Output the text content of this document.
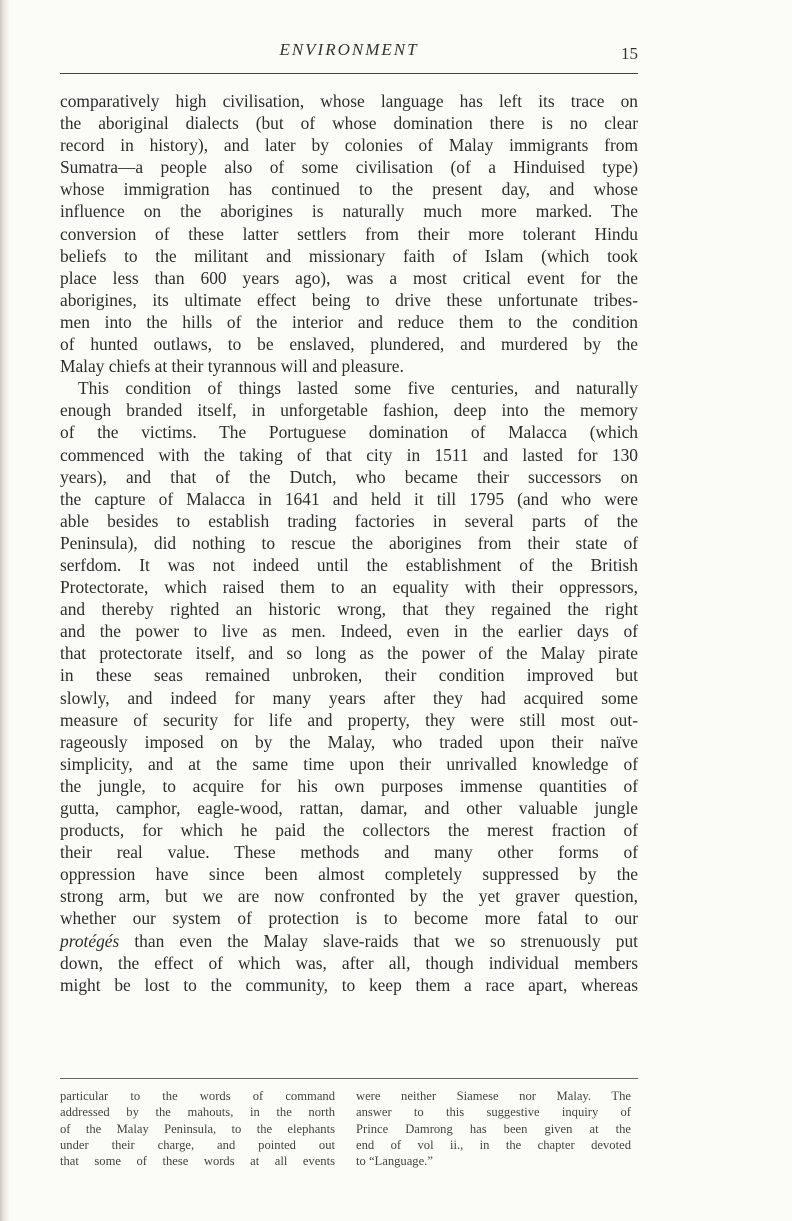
ENVIRONMENT	15
comparatively high civilisation, whose language has left its trace on
the aboriginal dialects (but of whose domination there is no clear
record in history), and later by colonies of Malay immigrants from
Sumatra—a people also of some civilisation (of a Hinduised type)
whose immigration has continued to the present day, and whose
influence on the aborigines is naturally much more marked. The
conversion of these latter settlers from their more tolerant Hindu
beliefs to the militant and missionary faith of Islam (which took
place less than 600 years ago), was a most critical event for the
aborigines, its ultimate effect being to drive these unfortunate tribes-
men into the hills of the interior and reduce them to the condition
of hunted outlaws, to be enslaved, plundered, and murdered by the
Malay chiefs at their tyrannous will and pleasure.
This condition of things lasted some five centuries, and naturally
enough branded itself, in unforgetable fashion, deep into the memory
of the victims. The Portuguese domination of Malacca (which
commenced with the taking of that city in 1511 and lasted for 130
years), and that of the Dutch, who became their successors on
the capture of Malacca in 1641 and held it till 1795 (and who were
able besides to establish trading factories in several parts of the
Peninsula), did nothing to rescue the aborigines from their state of
serfdom. It was not indeed until the establishment of the British
Protectorate, which raised them to an equality with their oppressors,
and thereby righted an historic wrong, that they regained the right
and the power to live as men. Indeed, even in the earlier days of
that protectorate itself, and so long as the power of the Malay pirate
in these seas remained unbroken, their condition improved but
slowly, and indeed for many years after they had acquired some
measure of security for life and property, they were still most out-
rageously imposed on by the Malay, who traded upon their naïve
simplicity, and at the same time upon their unrivalled knowledge of
the jungle, to acquire for his own purposes immense quantities of
gutta, camphor, eagle-wood, rattan, damar, and other valuable jungle
products, for which he paid the collectors the merest fraction of
their real value. These methods and many other forms of
oppression have since been almost completely suppressed by the
strong arm, but we are now confronted by the yet graver question,
whether our system of protection is to become more fatal to our
protégés than even the Malay slave-raids that we so strenuously put
down, the effect of which was, after all, though individual members
might be lost to the community, to keep them a race apart, whereas
particular to the words of command
addressed by the mahouts, in the north
of the Malay Peninsula, to the elephants
under their charge, and pointed out
that some of these words at all events
were neither Siamese nor Malay. The
answer to this suggestive inquiry of
Prince Damrong has been given at the
end of vol ii., in the chapter devoted
to “Language.”
